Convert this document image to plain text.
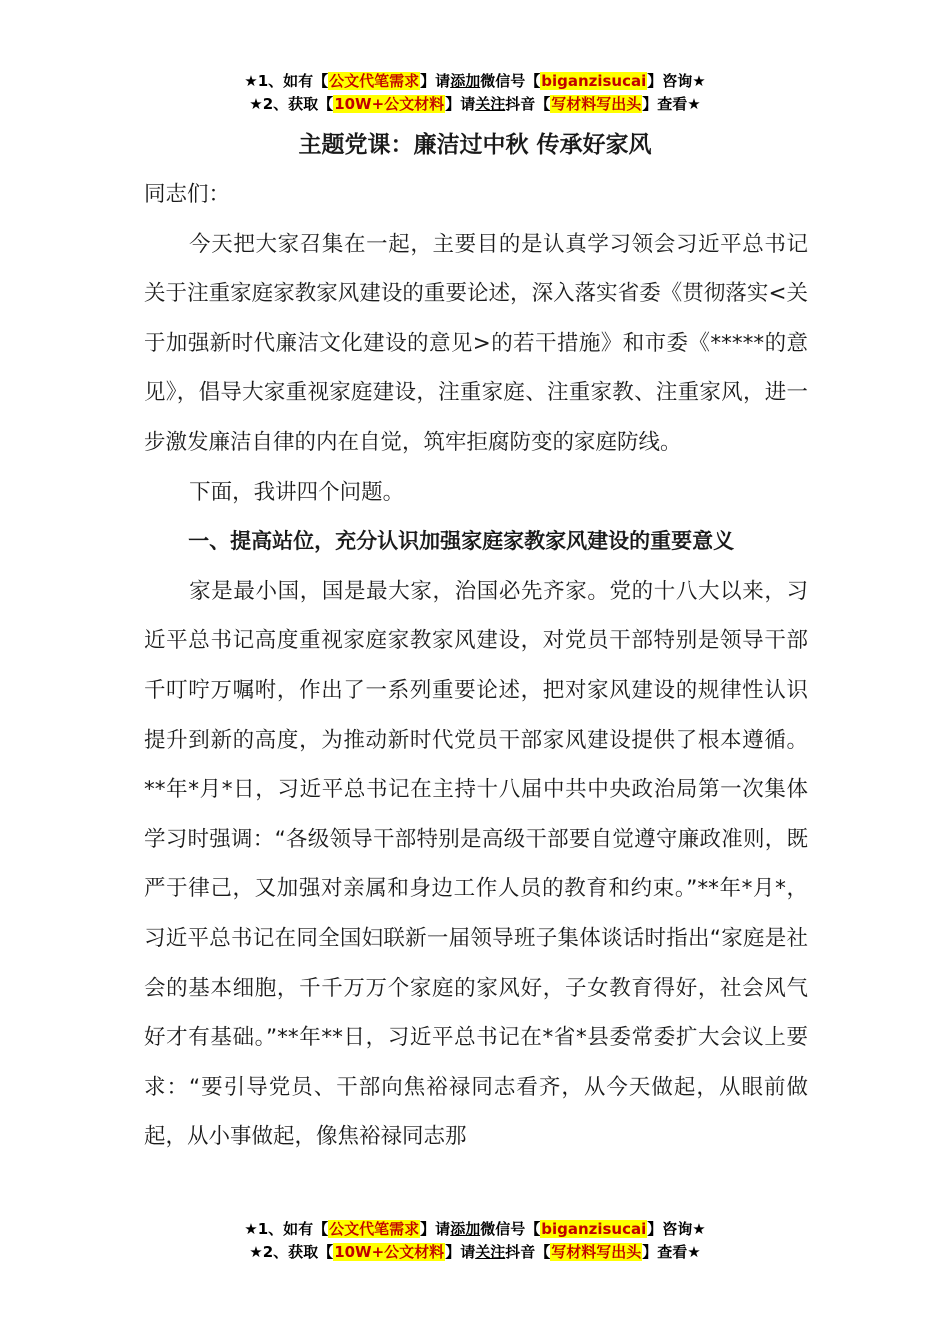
★1、如有【公文代笔需求】请添加微信号【biganzisucai】咨询★
★2、获取【10W+公文材料】请关注抖音【写材料写出头】查看★
主题党课：廉洁过中秋 传承好家风

同志们：

今天把大家召集在一起，主要目的是认真学习领会习近平总书记关于注重家庭家教家风建设的重要论述，深入落实省委《贯彻落实<关于加强新时代廉洁文化建设的意见>的若干措施》和市委《*****的意见》，倡导大家重视家庭建设，注重家庭、注重家教、注重家风，进一步激发廉洁自律的内在自觉，筑牢拒腐防变的家庭防线。

下面，我讲四个问题。

一、提高站位，充分认识加强家庭家教家风建设的重要意义

家是最小国，国是最大家，治国必先齐家。党的十八大以来，习近平总书记高度重视家庭家教家风建设，对党员干部特别是领导干部千叮咛万嘱咐，作出了一系列重要论述，把对家风建设的规律性认识提升到新的高度，为推动新时代党员干部家风建设提供了根本遵循。**年*月*日，习近平总书记在主持十八届中共中央政治局第一次集体学习时强调：“各级领导干部特别是高级干部要自觉遵守廉政准则，既严于律己，又加强对亲属和身边工作人员的教育和约束。”**年*月*，习近平总书记在同全国妇联新一届领导班子集体谈话时指出“家庭是社会的基本细胞，千千万万个家庭的家风好，子女教育得好，社会风气好才有基础。”**年**日，习近平总书记在*省*县委常委扩大会议上要求：“要引导党员、干部向焦裕禄同志看齐，从今天做起，从眼前做起，从小事做起，像焦裕禄同志那

★1、如有【公文代笔需求】请添加微信号【biganzisucai】咨询★
★2、获取【10W+公文材料】请关注抖音【写材料写出头】查看★
